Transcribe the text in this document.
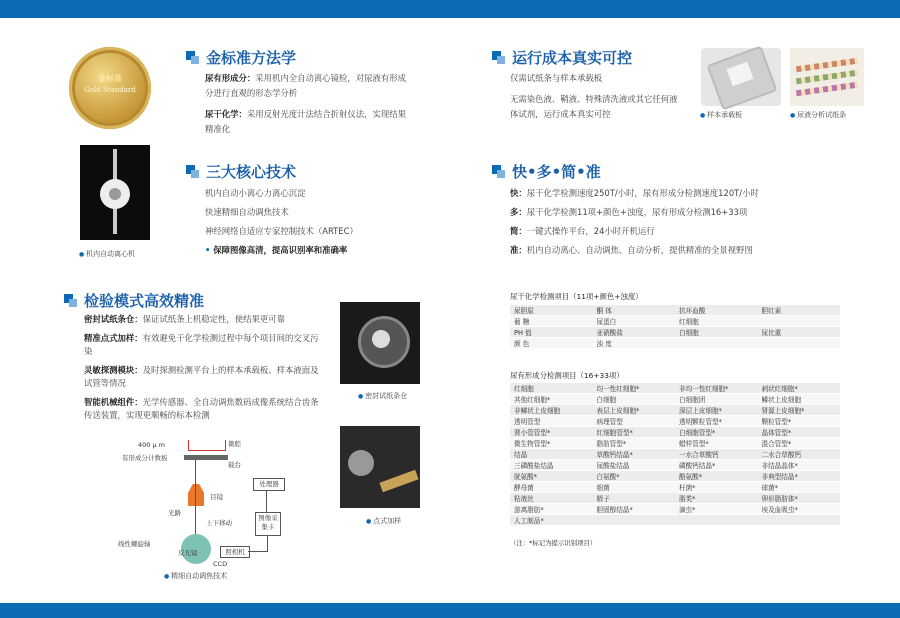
金标准
Gold Standard
金标准方法学
尿有形成分：采用机内全自动离心镜检，对尿液有形成分进行直观的形态学分析
尿干化学：采用反射光度计法结合折射仪法，实现结果精准化
运行成本真实可控
仅需试纸条与样本承载板
无需染色液、鞘液、特殊清洗液或其它任何液体试剂，运行成本真实可控	● 样本承载板	● 尿液分析试纸条
● 机内自动离心机
三大核心技术
机内自动小离心力离心沉淀
快速精细自动调焦技术
神经网络自适应专家控制技术（ARTEC）
• 保障图像高清，提高识别率和准确率
快•多•简•准
快：尿干化学检测速度250T/小时，尿有形成分检测速度120T/小时
多：尿干化学检测11项+颜色+浊度，尿有形成分检测16+33项
简：一键式操作平台，24小时开机运行
准：机内自动离心、自动调焦、自动分析，提供精准的全景视野图
检验模式高效精准
密封试纸条仓：保证试纸条上机稳定性，使结果更可靠
精准点式加样：有效避免干化学检测过程中每个项目间的交叉污染
灵敏探测模块：及时探测检测平台上的样本承载板、样本液面及试管等情况
智能机械组件：光学传感器、全自动调焦数码成像系统结合齿条传送装置，实现更顺畅的标本检测
● 密封试纸条仓
● 点式加样
400 μ m
有形成分计数板
微腔
载台
目镜
光路
上下移动
反光镜
线性螺旋轴
CCD
处理器
图像采集卡
照相机
● 精细自动调焦技术
尿干化学检测项目（11项+颜色+浊度）
尿胆原	酮 体	抗坏血酸	胆红素
葡 糖	尿蛋白	红细胞	
PH 值	亚硝酸盐	白细胞	尿比重
颜 色	浊 度		
尿有形成分检测项目（16+33项）
红细胞	均一性红细胞*	非均一性红细胞*	刺状红细胞*
其他红细胞*	白细胞	白细胞团	鳞状上皮细胞
非鳞状上皮细胞	表层上皮细胞*	深层上皮细胞*	肾源上皮细胞*
透明管型	病理管型	透明颗粒管型*	颗粒管型*
肾小管管型*	红细胞管型*	白细胞管型*	晶体管型*
微生物管型*	脂肪管型*	蜡样管型*	混合管型*
结晶	草酸钙结晶*	一水合草酸钙	二水合草酸钙
三磷酸盐结晶	尿酸盐结晶	磷酸钙结晶*	非结晶晶体*
胱氨酸*	白氨酸*	酪氨酸*	非典型结晶*
酵母菌	细菌	杆菌*	球菌*
粘液丝	精子	脂类*	卵形脂肪体*
游离脂肪*	胆固醇结晶*	滴虫*	埃及血吸虫*
人工制品*			
（注：*标记为提示识别项目）
